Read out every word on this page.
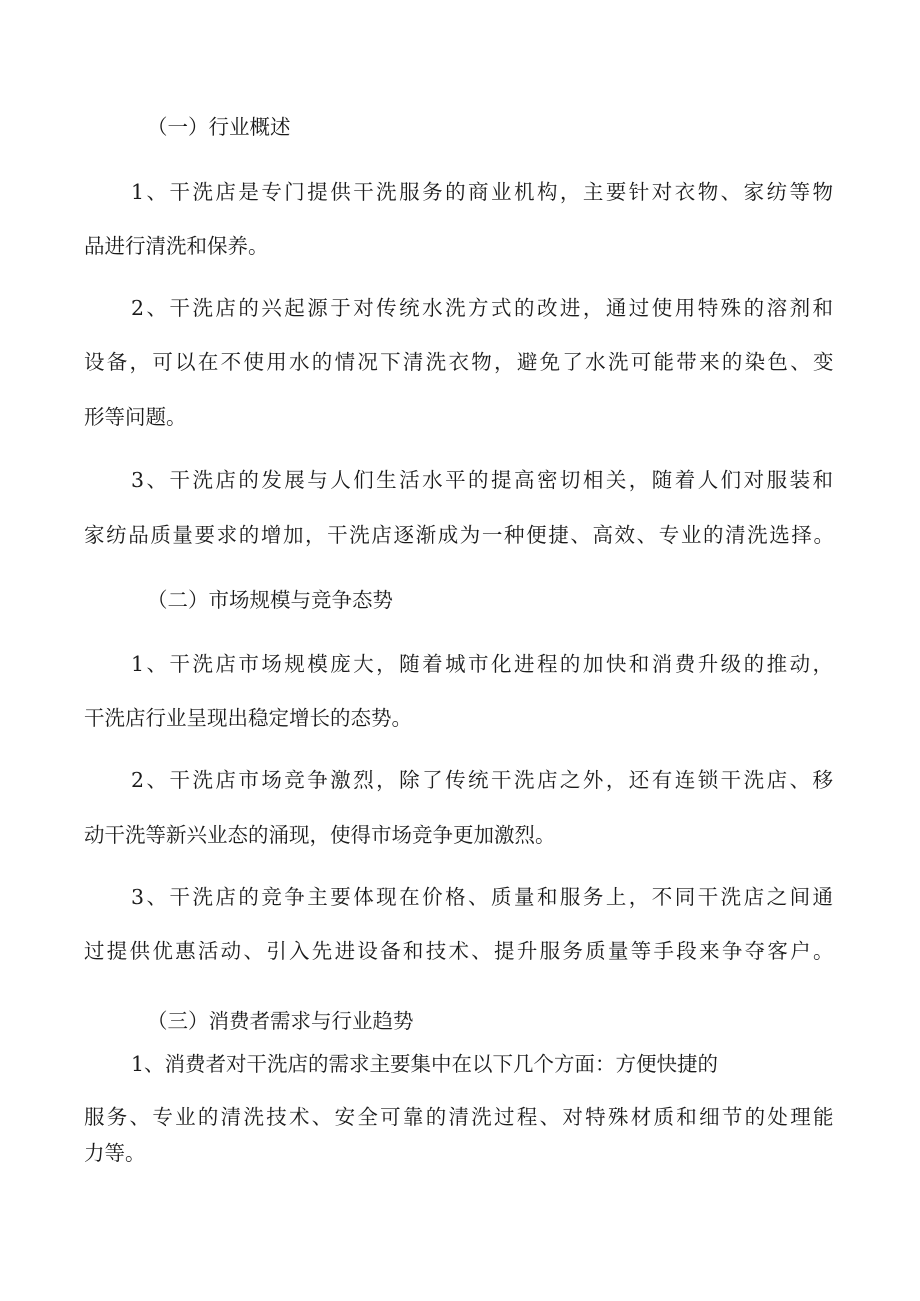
（一）行业概述
1、干洗店是专门提供干洗服务的商业机构，主要针对衣物、家纺等物
品进行清洗和保养。
2、干洗店的兴起源于对传统水洗方式的改进，通过使用特殊的溶剂和
设备，可以在不使用水的情况下清洗衣物，避免了水洗可能带来的染色、变
形等问题。
3、干洗店的发展与人们生活水平的提高密切相关，随着人们对服装和
家纺品质量要求的增加，干洗店逐渐成为一种便捷、高效、专业的清洗选择。
（二）市场规模与竞争态势
1、干洗店市场规模庞大，随着城市化进程的加快和消费升级的推动，
干洗店行业呈现出稳定增长的态势。
2、干洗店市场竞争激烈，除了传统干洗店之外，还有连锁干洗店、移
动干洗等新兴业态的涌现，使得市场竞争更加激烈。
3、干洗店的竞争主要体现在价格、质量和服务上，不同干洗店之间通
过提供优惠活动、引入先进设备和技术、提升服务质量等手段来争夺客户。
（三）消费者需求与行业趋势
1、消费者对干洗店的需求主要集中在以下几个方面：方便快捷的
服务、专业的清洗技术、安全可靠的清洗过程、对特殊材质和细节的处理能
力等。
